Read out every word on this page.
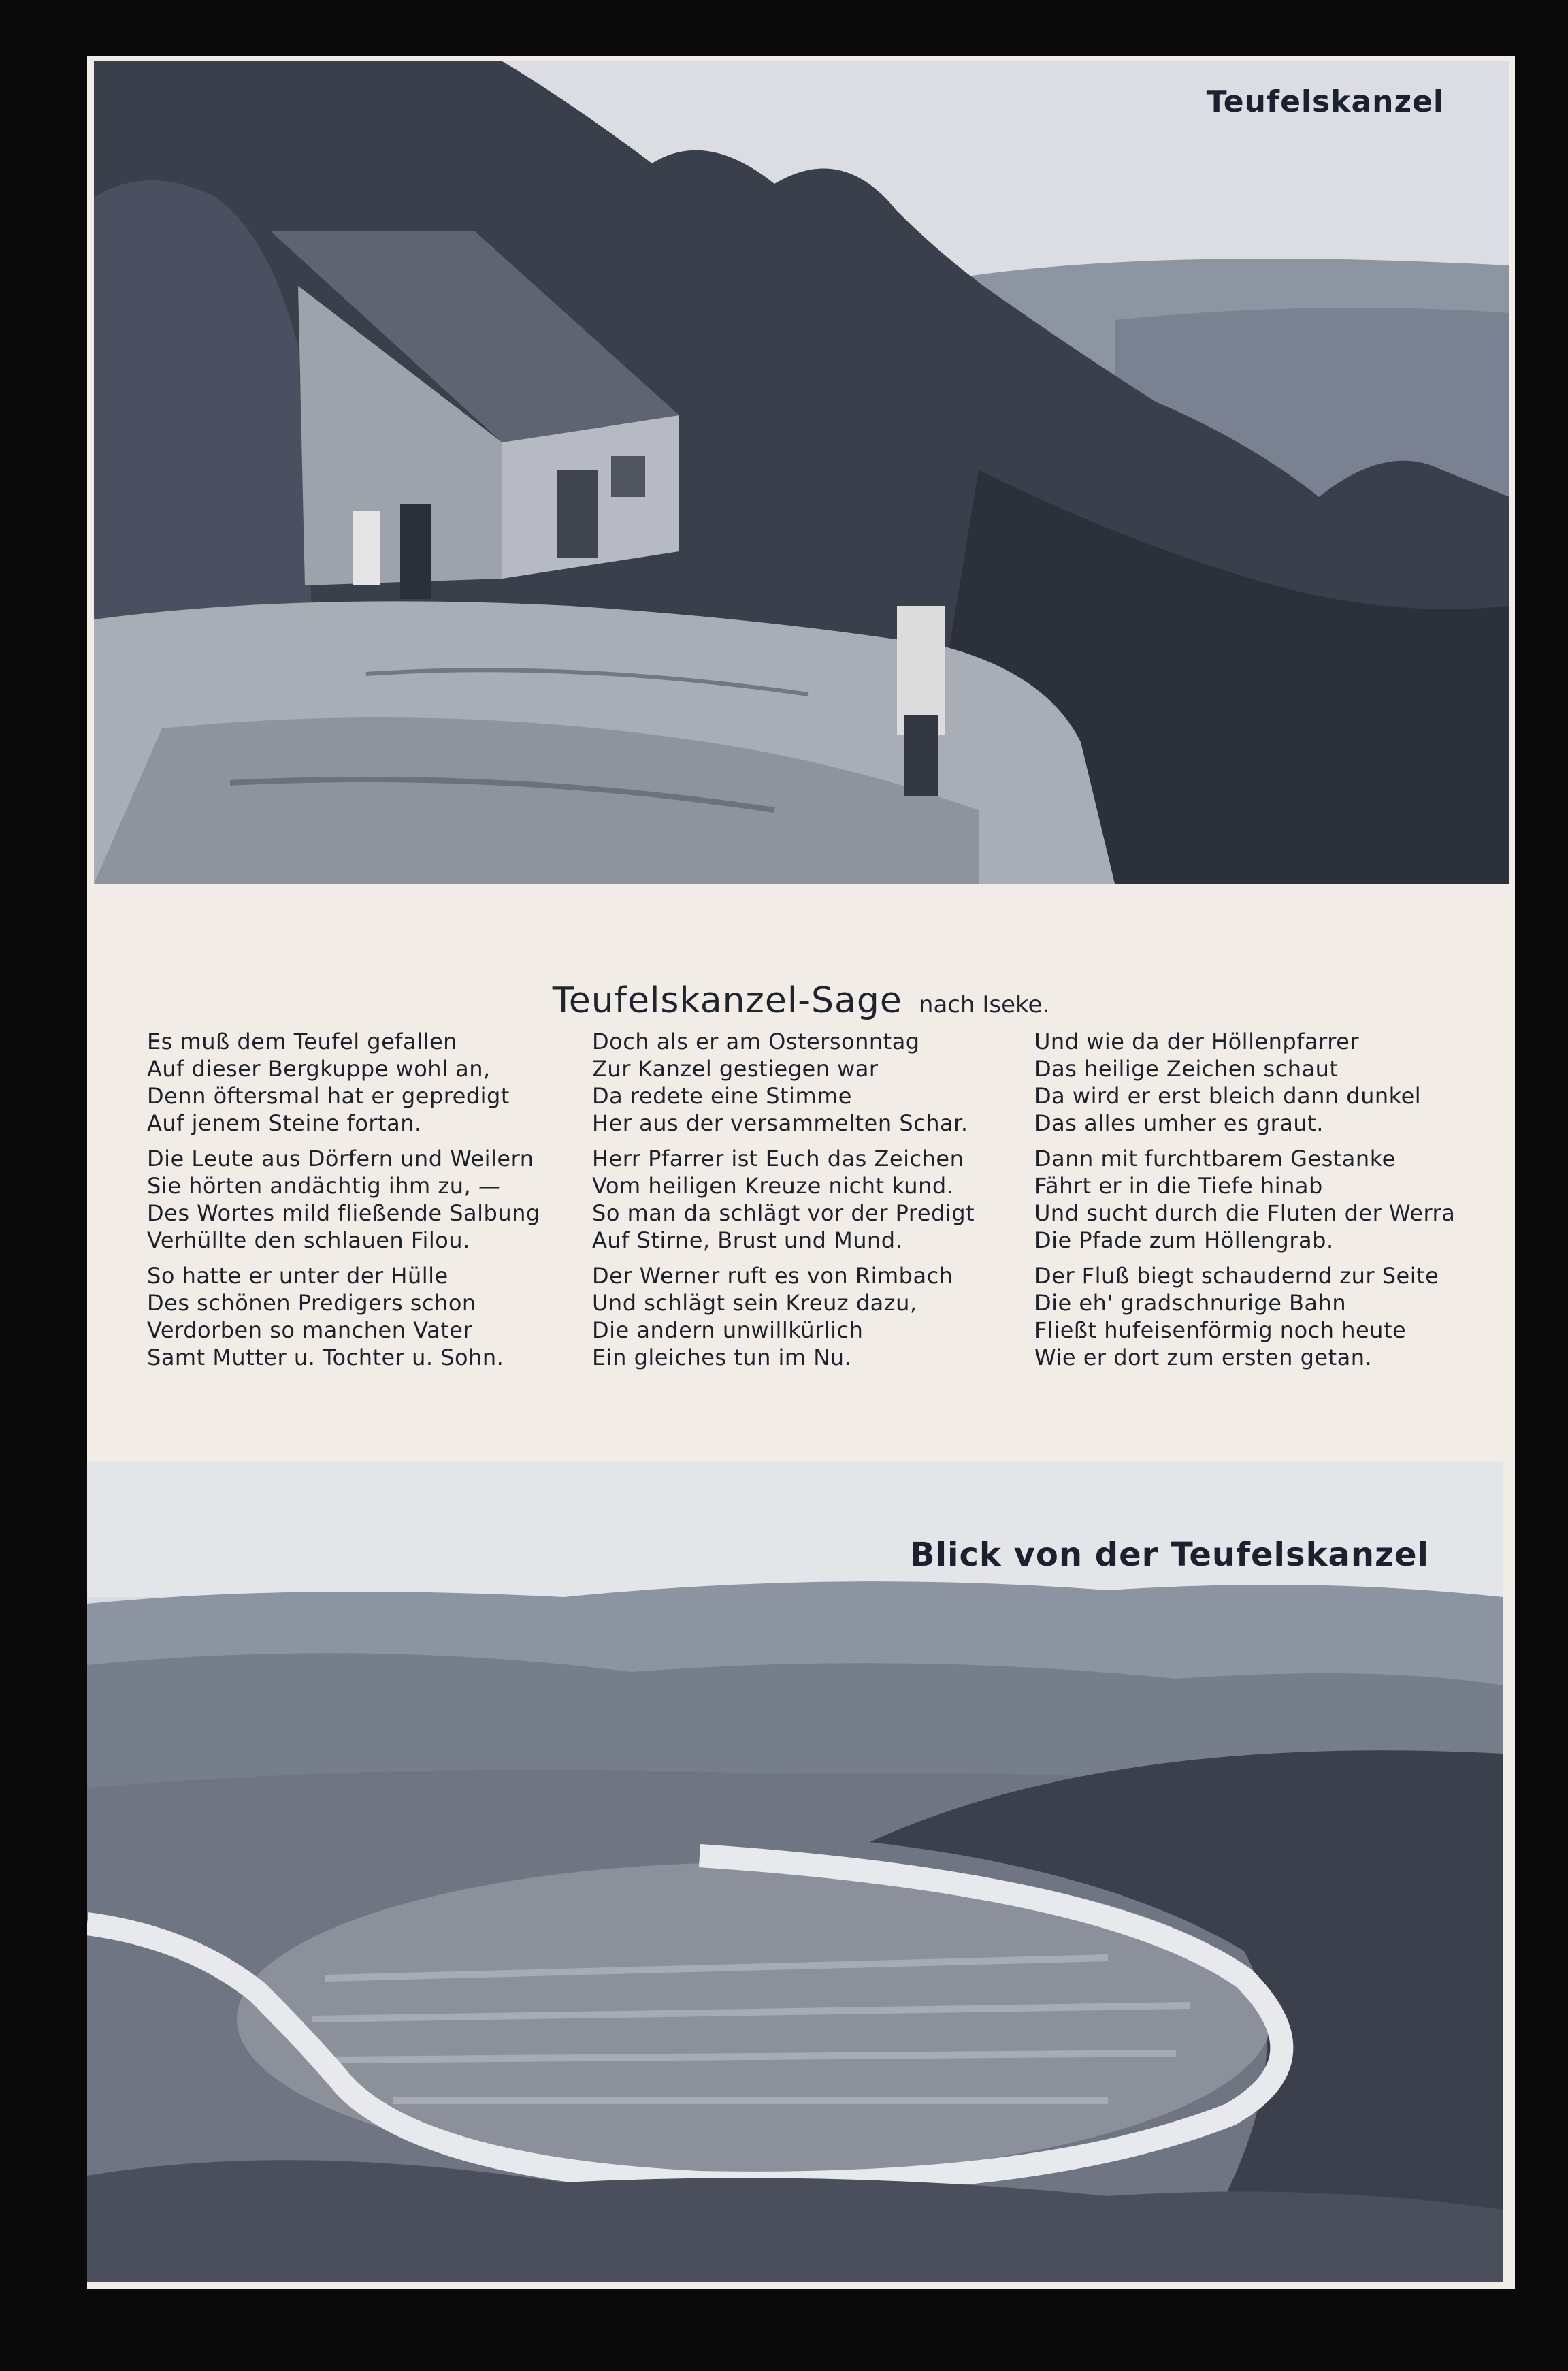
Teufelskanzel
Teufelskanzel-Sage nach Iseke.
Es muß dem Teufel gefallen
Auf dieser Bergkuppe wohl an,
Denn öftersmal hat er gepredigt
Auf jenem Steine fortan.
Die Leute aus Dörfern und Weilern
Sie hörten andächtig ihm zu, —
Des Wortes mild fließende Salbung
Verhüllte den schlauen Filou.
So hatte er unter der Hülle
Des schönen Predigers schon
Verdorben so manchen Vater
Samt Mutter u. Tochter u. Sohn.
Doch als er am Ostersonntag
Zur Kanzel gestiegen war
Da redete eine Stimme
Her aus der versammelten Schar.
Herr Pfarrer ist Euch das Zeichen
Vom heiligen Kreuze nicht kund.
So man da schlägt vor der Predigt
Auf Stirne, Brust und Mund.
Der Werner ruft es von Rimbach
Und schlägt sein Kreuz dazu,
Die andern unwillkürlich
Ein gleiches tun im Nu.
Und wie da der Höllenpfarrer
Das heilige Zeichen schaut
Da wird er erst bleich dann dunkel
Das alles umher es graut.
Dann mit furchtbarem Gestanke
Fährt er in die Tiefe hinab
Und sucht durch die Fluten der Werra
Die Pfade zum Höllengrab.
Der Fluß biegt schaudernd zur Seite
Die eh' gradschnurige Bahn
Fließt hufeisenförmig noch heute
Wie er dort zum ersten getan.
Blick von der Teufelskanzel
